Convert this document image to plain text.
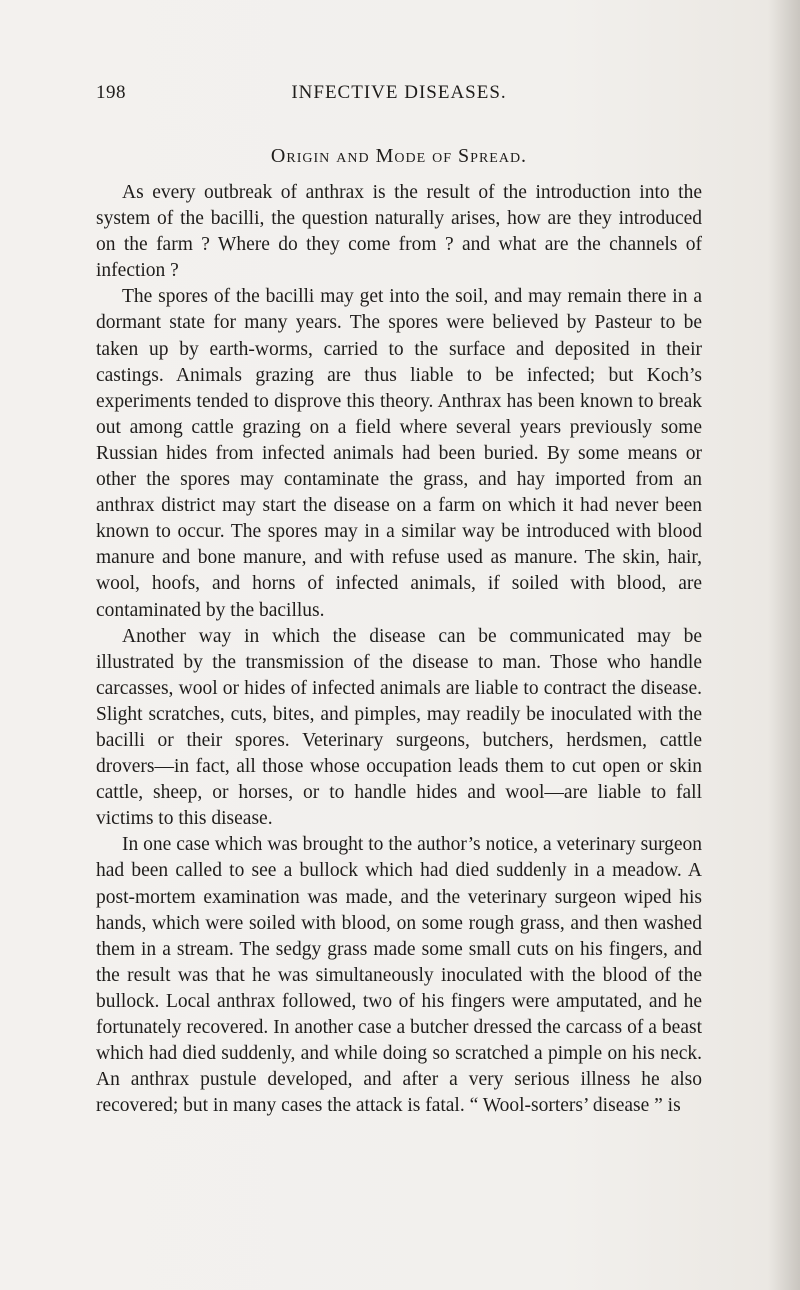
198	INFECTIVE DISEASES.
Origin and Mode of Spread.

As every outbreak of anthrax is the result of the introduction into the system of the bacilli, the question naturally arises, how are they introduced on the farm ? Where do they come from ? and what are the channels of infection ?

The spores of the bacilli may get into the soil, and may remain there in a dormant state for many years. The spores were believed by Pasteur to be taken up by earth-worms, carried to the surface and deposited in their castings. Animals grazing are thus liable to be infected; but Koch’s experiments tended to disprove this theory. Anthrax has been known to break out among cattle grazing on a field where several years previously some Russian hides from infected animals had been buried. By some means or other the spores may contaminate the grass, and hay imported from an anthrax district may start the disease on a farm on which it had never been known to occur. The spores may in a similar way be introduced with blood manure and bone manure, and with refuse used as manure. The skin, hair, wool, hoofs, and horns of infected animals, if soiled with blood, are contaminated by the bacillus.

Another way in which the disease can be communicated may be illustrated by the transmission of the disease to man. Those who handle carcasses, wool or hides of infected animals are liable to contract the disease. Slight scratches, cuts, bites, and pimples, may readily be inoculated with the bacilli or their spores. Veterinary surgeons, butchers, herdsmen, cattle drovers—in fact, all those whose occupation leads them to cut open or skin cattle, sheep, or horses, or to handle hides and wool—are liable to fall victims to this disease.

In one case which was brought to the author’s notice, a veterinary surgeon had been called to see a bullock which had died suddenly in a meadow. A post-mortem examination was made, and the veterinary surgeon wiped his hands, which were soiled with blood, on some rough grass, and then washed them in a stream. The sedgy grass made some small cuts on his fingers, and the result was that he was simultaneously inoculated with the blood of the bullock. Local anthrax followed, two of his fingers were amputated, and he fortunately recovered. In another case a butcher dressed the carcass of a beast which had died suddenly, and while doing so scratched a pimple on his neck. An anthrax pustule developed, and after a very serious illness he also recovered; but in many cases the attack is fatal. “ Wool-sorters’ disease ” is
